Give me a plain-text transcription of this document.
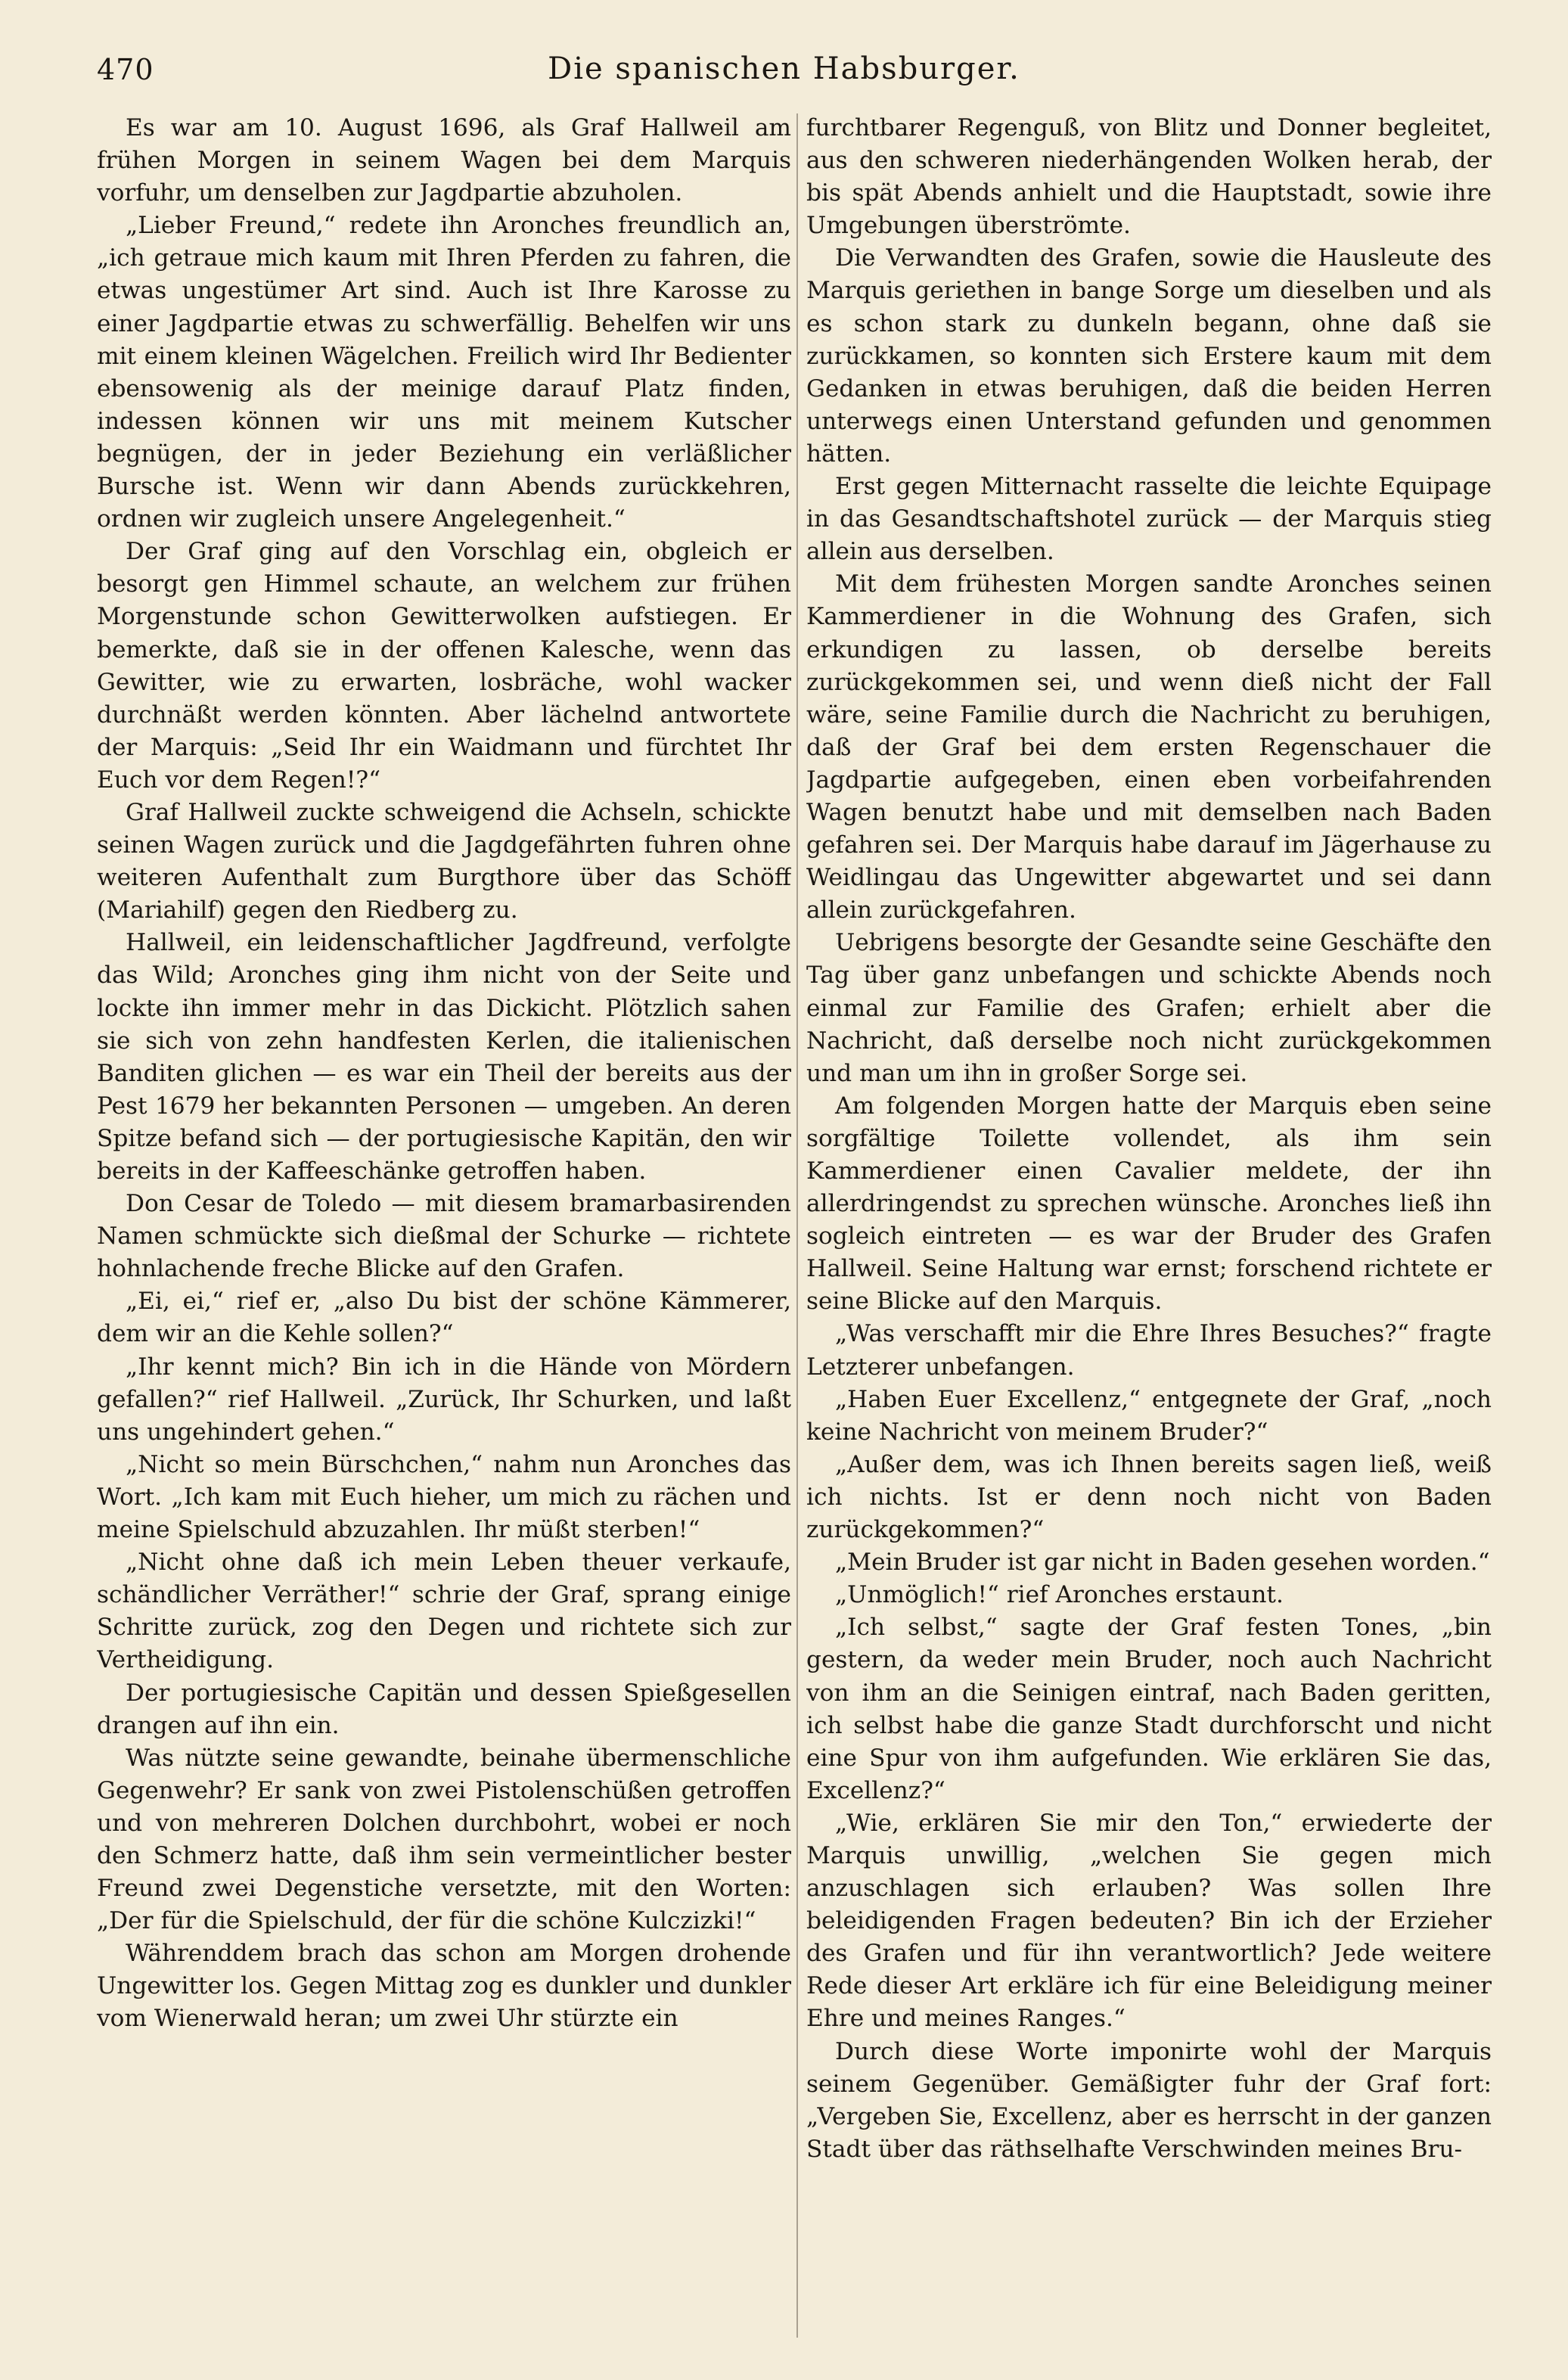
470	Die spanischen Habsburger.

Es war am 10. August 1696, als Graf Hallweil am frühen Morgen in seinem Wagen bei dem Marquis vorfuhr, um denselben zur Jagdpartie abzuholen.

„Lieber Freund,“ redete ihn Aronches freundlich an, „ich getraue mich kaum mit Ihren Pferden zu fahren, die etwas ungestümer Art sind. Auch ist Ihre Karosse zu einer Jagdpartie etwas zu schwerfällig. Behelfen wir uns mit einem kleinen Wägelchen. Freilich wird Ihr Bedienter ebensowenig als der meinige darauf Platz finden, indessen können wir uns mit meinem Kutscher begnügen, der in jeder Beziehung ein verläßlicher Bursche ist. Wenn wir dann Abends zurückkehren, ordnen wir zugleich unsere Angelegenheit.“

Der Graf ging auf den Vorschlag ein, obgleich er besorgt gen Himmel schaute, an welchem zur frühen Morgenstunde schon Gewitterwolken aufstiegen. Er bemerkte, daß sie in der offenen Kalesche, wenn das Gewitter, wie zu erwarten, losbräche, wohl wacker durchnäßt werden könnten. Aber lächelnd antwortete der Marquis: „Seid Ihr ein Waidmann und fürchtet Ihr Euch vor dem Regen!?“

Graf Hallweil zuckte schweigend die Achseln, schickte seinen Wagen zurück und die Jagdgefährten fuhren ohne weiteren Aufenthalt zum Burgthore über das Schöff (Mariahilf) gegen den Riedberg zu.

Hallweil, ein leidenschaftlicher Jagdfreund, verfolgte das Wild; Aronches ging ihm nicht von der Seite und lockte ihn immer mehr in das Dickicht. Plötzlich sahen sie sich von zehn handfesten Kerlen, die italienischen Banditen glichen — es war ein Theil der bereits aus der Pest 1679 her bekannten Personen — umgeben. An deren Spitze befand sich — der portugiesische Kapitän, den wir bereits in der Kaffeeschänke getroffen haben.

Don Cesar de Toledo — mit diesem bramarbasirenden Namen schmückte sich dießmal der Schurke — richtete hohnlachende freche Blicke auf den Grafen.

„Ei, ei,“ rief er, „also Du bist der schöne Kämmerer, dem wir an die Kehle sollen?“

„Ihr kennt mich? Bin ich in die Hände von Mördern gefallen?“ rief Hallweil. „Zurück, Ihr Schurken, und laßt uns ungehindert gehen.“

„Nicht so mein Bürschchen,“ nahm nun Aronches das Wort. „Ich kam mit Euch hieher, um mich zu rächen und meine Spielschuld abzuzahlen. Ihr müßt sterben!“

„Nicht ohne daß ich mein Leben theuer verkaufe, schändlicher Verräther!“ schrie der Graf, sprang einige Schritte zurück, zog den Degen und richtete sich zur Vertheidigung.

Der portugiesische Capitän und dessen Spießgesellen drangen auf ihn ein.

Was nützte seine gewandte, beinahe übermenschliche Gegenwehr? Er sank von zwei Pistolenschüßen getroffen und von mehreren Dolchen durchbohrt, wobei er noch den Schmerz hatte, daß ihm sein vermeintlicher bester Freund zwei Degenstiche versetzte, mit den Worten: „Der für die Spielschuld, der für die schöne Kulczizki!“

Währenddem brach das schon am Morgen drohende Ungewitter los. Gegen Mittag zog es dunkler und dunkler vom Wienerwald heran; um zwei Uhr stürzte ein

furchtbarer Regenguß, von Blitz und Donner begleitet, aus den schweren niederhängenden Wolken herab, der bis spät Abends anhielt und die Hauptstadt, sowie ihre Umgebungen überströmte.

Die Verwandten des Grafen, sowie die Hausleute des Marquis geriethen in bange Sorge um dieselben und als es schon stark zu dunkeln begann, ohne daß sie zurückkamen, so konnten sich Erstere kaum mit dem Gedanken in etwas beruhigen, daß die beiden Herren unterwegs einen Unterstand gefunden und genommen hätten.

Erst gegen Mitternacht rasselte die leichte Equipage in das Gesandtschaftshotel zurück — der Marquis stieg allein aus derselben.

Mit dem frühesten Morgen sandte Aronches seinen Kammerdiener in die Wohnung des Grafen, sich erkundigen zu lassen, ob derselbe bereits zurückgekommen sei, und wenn dieß nicht der Fall wäre, seine Familie durch die Nachricht zu beruhigen, daß der Graf bei dem ersten Regenschauer die Jagdpartie aufgegeben, einen eben vorbeifahrenden Wagen benutzt habe und mit demselben nach Baden gefahren sei. Der Marquis habe darauf im Jägerhause zu Weidlingau das Ungewitter abgewartet und sei dann allein zurückgefahren.

Uebrigens besorgte der Gesandte seine Geschäfte den Tag über ganz unbefangen und schickte Abends noch einmal zur Familie des Grafen; erhielt aber die Nachricht, daß derselbe noch nicht zurückgekommen und man um ihn in großer Sorge sei.

Am folgenden Morgen hatte der Marquis eben seine sorgfältige Toilette vollendet, als ihm sein Kammerdiener einen Cavalier meldete, der ihn allerdringendst zu sprechen wünsche. Aronches ließ ihn sogleich eintreten — es war der Bruder des Grafen Hallweil. Seine Haltung war ernst; forschend richtete er seine Blicke auf den Marquis.

„Was verschafft mir die Ehre Ihres Besuches?“ fragte Letzterer unbefangen.

„Haben Euer Excellenz,“ entgegnete der Graf, „noch keine Nachricht von meinem Bruder?“

„Außer dem, was ich Ihnen bereits sagen ließ, weiß ich nichts. Ist er denn noch nicht von Baden zurückgekommen?“

„Mein Bruder ist gar nicht in Baden gesehen worden.“

„Unmöglich!“ rief Aronches erstaunt.

„Ich selbst,“ sagte der Graf festen Tones, „bin gestern, da weder mein Bruder, noch auch Nachricht von ihm an die Seinigen eintraf, nach Baden geritten, ich selbst habe die ganze Stadt durchforscht und nicht eine Spur von ihm aufgefunden. Wie erklären Sie das, Excellenz?“

„Wie, erklären Sie mir den Ton,“ erwiederte der Marquis unwillig, „welchen Sie gegen mich anzuschlagen sich erlauben? Was sollen Ihre beleidigenden Fragen bedeuten? Bin ich der Erzieher des Grafen und für ihn verantwortlich? Jede weitere Rede dieser Art erkläre ich für eine Beleidigung meiner Ehre und meines Ranges.“

Durch diese Worte imponirte wohl der Marquis seinem Gegenüber. Gemäßigter fuhr der Graf fort: „Vergeben Sie, Excellenz, aber es herrscht in der ganzen Stadt über das räthselhafte Verschwinden meines Bru-
